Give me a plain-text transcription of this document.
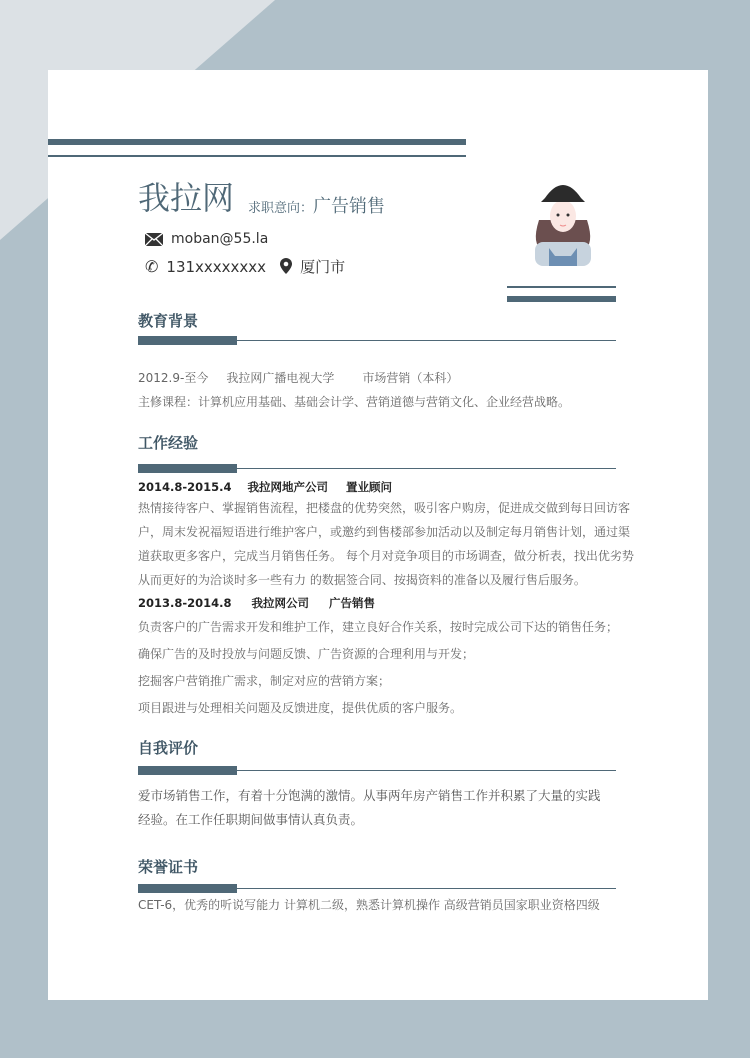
我拉网 求职意向：广告销售
moban@55.la
✆ 131xxxxxxxx 厦门市
教育背景
2012.9-至今 我拉网广播电视大学 市场营销（本科）
主修课程：计算机应用基础、基础会计学、营销道德与营销文化、企业经营战略。
工作经验
2014.8-2015.4 我拉网地产公司 置业顾问
热情接待客户、掌握销售流程，把楼盘的优势突然，吸引客户购房，促进成交做到每日回访客
户，周末发祝福短语进行维护客户，或邀约到售楼部参加活动以及制定每月销售计划，通过渠
道获取更多客户，完成当月销售任务。 每个月对竞争项目的市场调查，做分析表，找出优劣势
从而更好的为洽谈时多一些有力 的数据签合同、按揭资料的准备以及履行售后服务。
2013.8-2014.8 我拉网公司 广告销售
负责客户的广告需求开发和维护工作，建立良好合作关系，按时完成公司下达的销售任务；
确保广告的及时投放与问题反馈、广告资源的合理利用与开发；
挖掘客户营销推广需求，制定对应的营销方案；
项目跟进与处理相关问题及反馈进度，提供优质的客户服务。
自我评价
爱市场销售工作，有着十分饱满的激情。从事两年房产销售工作并积累了大量的实践
经验。在工作任职期间做事情认真负责。
荣誉证书
CET-6，优秀的听说写能力 计算机二级，熟悉计算机操作 高级营销员国家职业资格四级
